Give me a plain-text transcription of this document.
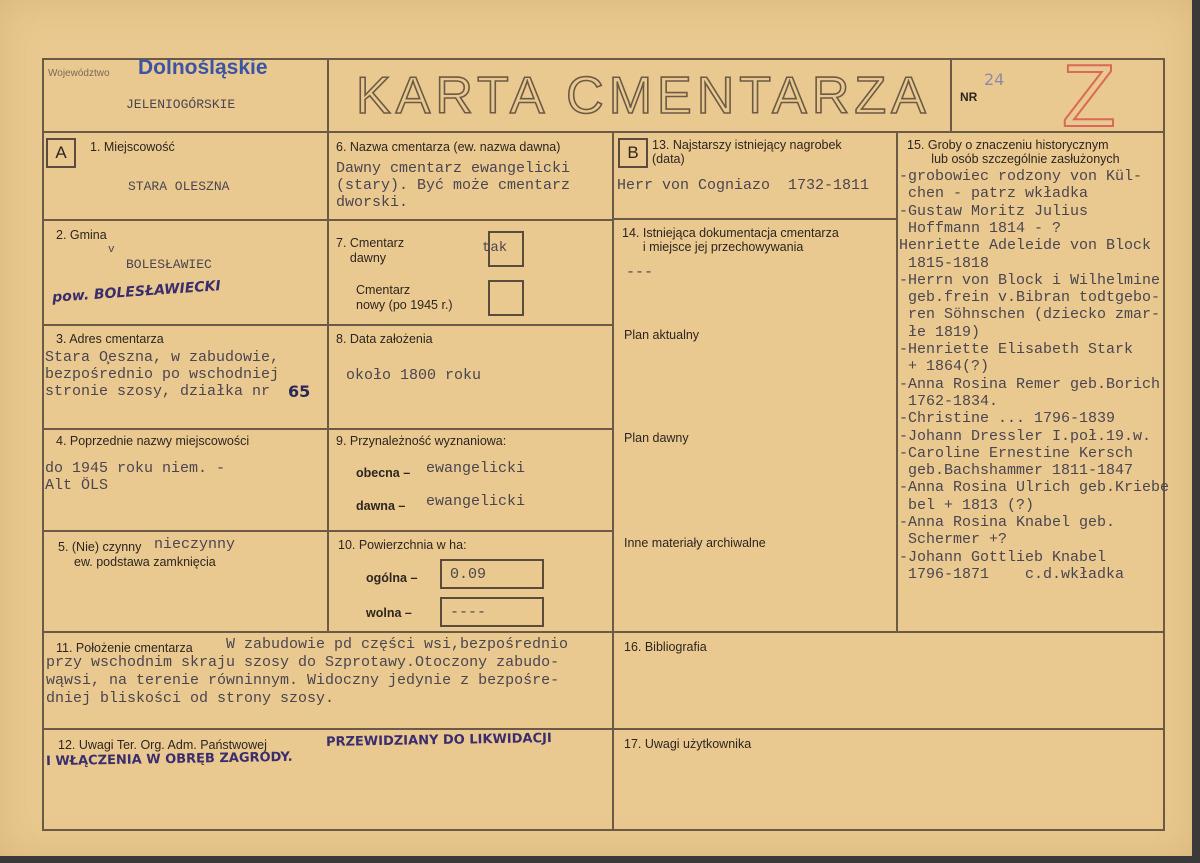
Województwo Dolnośląskie
JELENIOGÓRSKIE KARTA CMENTARZA NR
24 Z
A	1. Miejscowość
STARA OLESZNA
2. Gmina
v
BOLESŁAWIEC
pow. BOLESŁAWIECKI
3. Adres cmentarza
Stara O̧eszna, w zabudowie,
bezpośrednio po wschodniej
stronie szosy, działka nr 65
4. Poprzednie nazwy miejscowości
do 1945 roku niem. -
Alt ÖLS
5. (Nie) czynny
ew. podstawa zamknięcia
nieczynny
6. Nazwa cmentarza (ew. nazwa dawna)
Dawny cmentarz ewangelicki
(stary). Być może cmentarz
dworski.
7. Cmentarz
dawny
tak
Cmentarz
nowy (po 1945 r.)
8. Data założenia
około 1800 roku
9. Przynależność wyznaniowa:
obecna – ewangelicki
dawna – ewangelicki
10. Powierzchnia w ha:
ogólna – 0.09
wolna –	----
B	13. Najstarszy istniejący nagrobek
(data)
Herr von Cogniazo  1732-1811
14. Istniejąca dokumentacja cmentarza
i miejsce jej przechowywania
---
Plan aktualny
Plan dawny
Inne materiały archiwalne
15. Groby o znaczeniu historycznym
lub osób szczególnie zasłużonych
-grobowiec rodzony von Kül-
chen - patrz wkładka
-Gustaw Moritz Julius
Hoffmann 1814 - ?
Henriette Adeleide von Block
1815-1818
-Herrn von Block i Wilhelmine
geb.frein v.Bibran todtgebo-
ren Söhnschen (dziecko zmar-
łe 1819)
-Henriette Elisabeth Stark
+ 1864(?)
-Anna Rosina Remer geb.Borich
1762-1834.
-Christine ... 1796-1839
-Johann Dressler I.poł.19.w.
-Caroline Ernestine Kersch
geb.Bachshammer 1811-1847
-Anna Rosina Ulrich geb.Kriebe
bel + 1813 (?)
-Anna Rosina Knabel geb.
Schermer +?
-Johann Gottlieb Knabel
1796-1871    c.d.wkładka
11. Położenie cmentarza W zabudowie pd części wsi,bezpośrednio
przy wschodnim skraju szosy do Szprotawy.Otoczony zabudo-
wąwsi, na terenie równinnym. Widoczny jedynie z bezpośre-
dniej bliskości od strony szosy.
16. Bibliografia
12. Uwagi Ter. Org. Adm. Państwowej	PRZEWIDZIANY DO LIKWIDACJI
I WŁĄCZENIA W OBRĘB ZAGRODY.
17. Uwagi użytkownika
